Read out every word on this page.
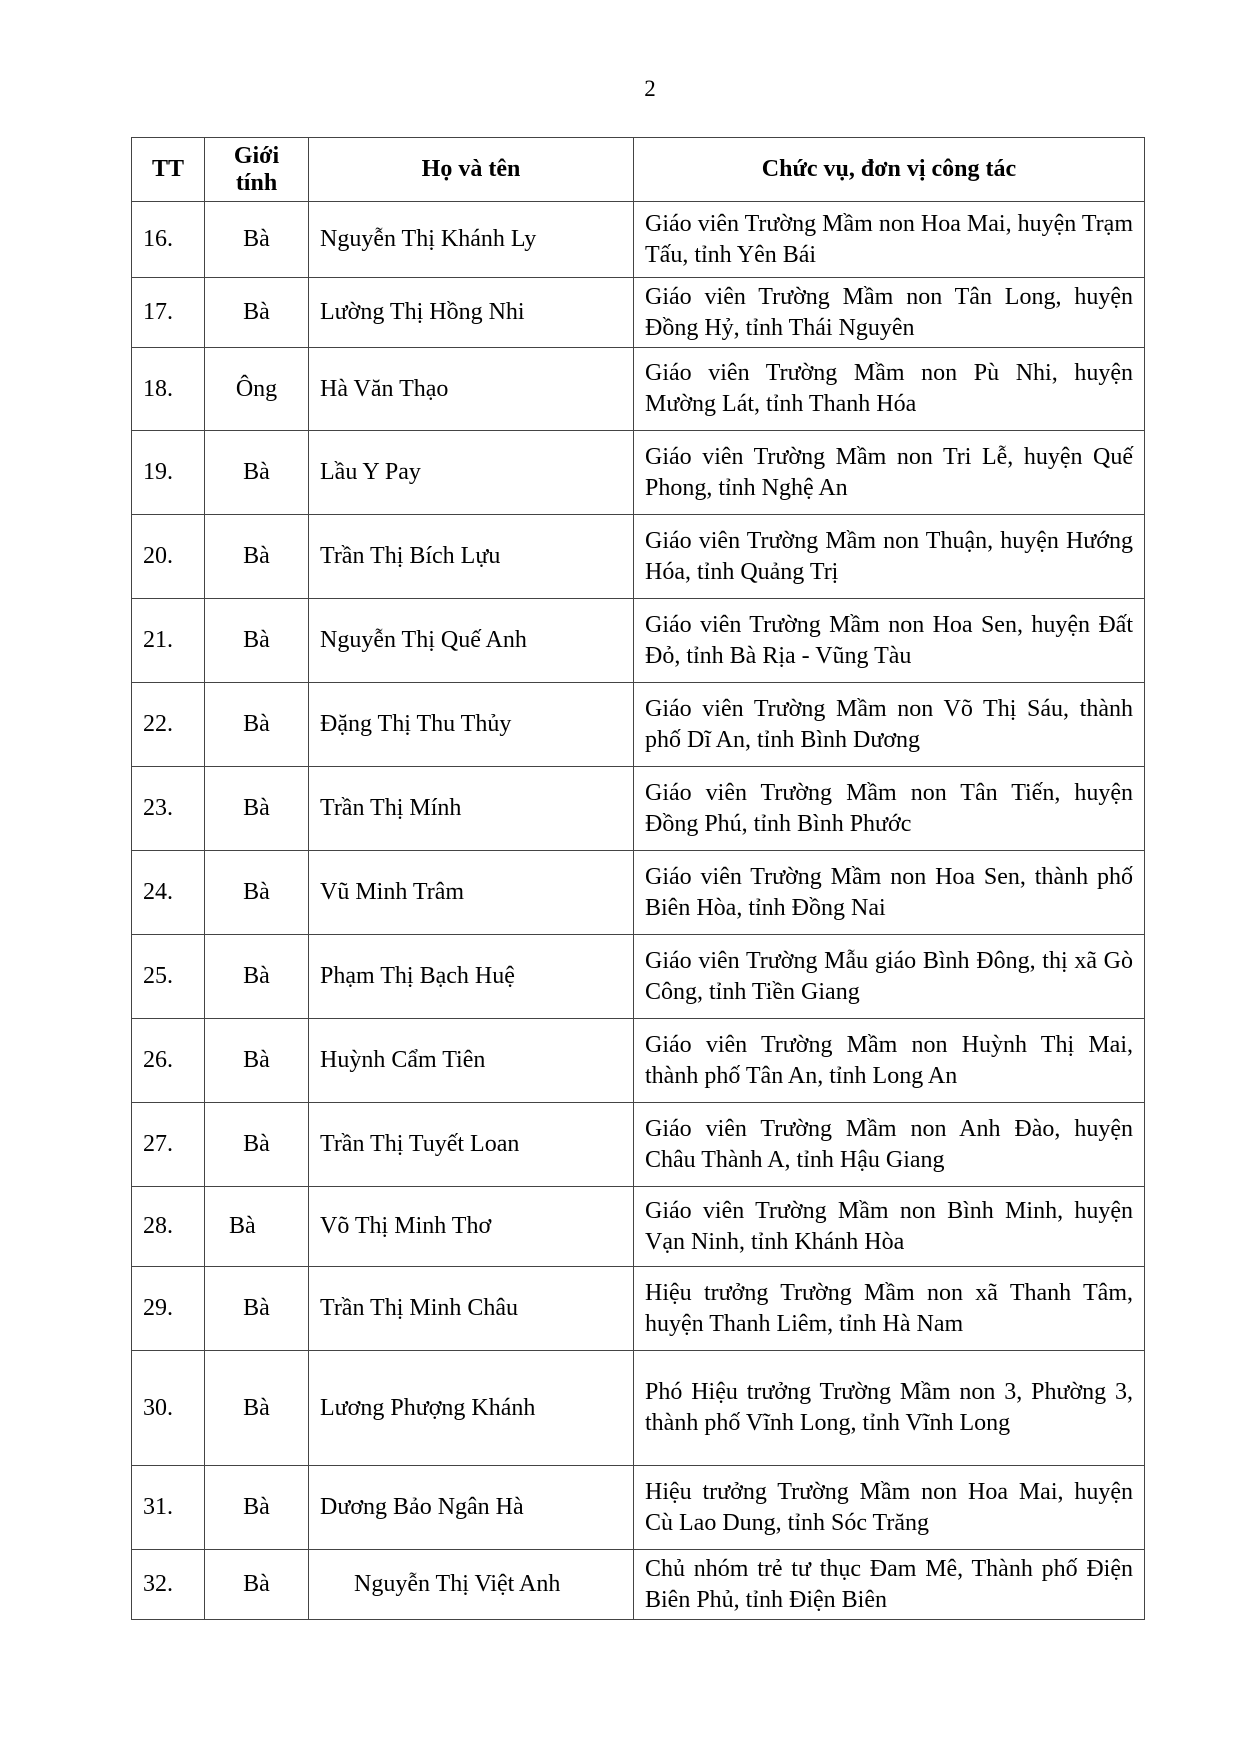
2
TT	Giới tính	Họ và tên	Chức vụ, đơn vị công tác
16.	Bà	Nguyễn Thị Khánh Ly	Giáo viên Trường Mầm non Hoa Mai, huyện Trạm Tấu, tỉnh Yên Bái
17.	Bà	Lường Thị Hồng Nhi	Giáo viên Trường Mầm non Tân Long, huyện Đồng Hỷ, tỉnh Thái Nguyên
18.	Ông	Hà Văn Thạo	Giáo viên Trường Mầm non Pù Nhi, huyện Mường Lát, tỉnh Thanh Hóa
19.	Bà	Lầu Y Pay	Giáo viên Trường Mầm non Tri Lễ, huyện Quế Phong, tỉnh Nghệ An
20.	Bà	Trần Thị Bích Lựu	Giáo viên Trường Mầm non Thuận, huyện Hướng Hóa, tỉnh Quảng Trị
21.	Bà	Nguyễn Thị Quế Anh	Giáo viên Trường Mầm non Hoa Sen, huyện Đất Đỏ, tỉnh Bà Rịa - Vũng Tàu
22.	Bà	Đặng Thị Thu Thủy	Giáo viên Trường Mầm non Võ Thị Sáu, thành phố Dĩ An, tỉnh Bình Dương
23.	Bà	Trần Thị Mính	Giáo viên Trường Mầm non Tân Tiến, huyện Đồng Phú, tỉnh Bình Phước
24.	Bà	Vũ Minh Trâm	Giáo viên Trường Mầm non Hoa Sen, thành phố Biên Hòa, tỉnh Đồng Nai
25.	Bà	Phạm Thị Bạch Huệ	Giáo viên Trường Mẫu giáo Bình Đông, thị xã Gò Công, tỉnh Tiền Giang
26.	Bà	Huỳnh Cẩm Tiên	Giáo viên Trường Mầm non Huỳnh Thị Mai, thành phố Tân An, tỉnh Long An
27.	Bà	Trần Thị Tuyết Loan	Giáo viên Trường Mầm non Anh Đào, huyện Châu Thành A, tỉnh Hậu Giang
28.	Bà	Võ Thị Minh Thơ	Giáo viên Trường Mầm non Bình Minh, huyện Vạn Ninh, tỉnh Khánh Hòa
29.	Bà	Trần Thị Minh Châu	Hiệu trưởng Trường Mầm non xã Thanh Tâm, huyện Thanh Liêm, tỉnh Hà Nam
30.	Bà	Lương Phượng Khánh	Phó Hiệu trưởng Trường Mầm non 3, Phường 3, thành phố Vĩnh Long, tỉnh Vĩnh Long
31.	Bà	Dương Bảo Ngân Hà	Hiệu trưởng Trường Mầm non Hoa Mai, huyện Cù Lao Dung, tỉnh Sóc Trăng
32.	Bà	Nguyễn Thị Việt Anh	Chủ nhóm trẻ tư thục Đam Mê, Thành phố Điện Biên Phủ, tỉnh Điện Biên
